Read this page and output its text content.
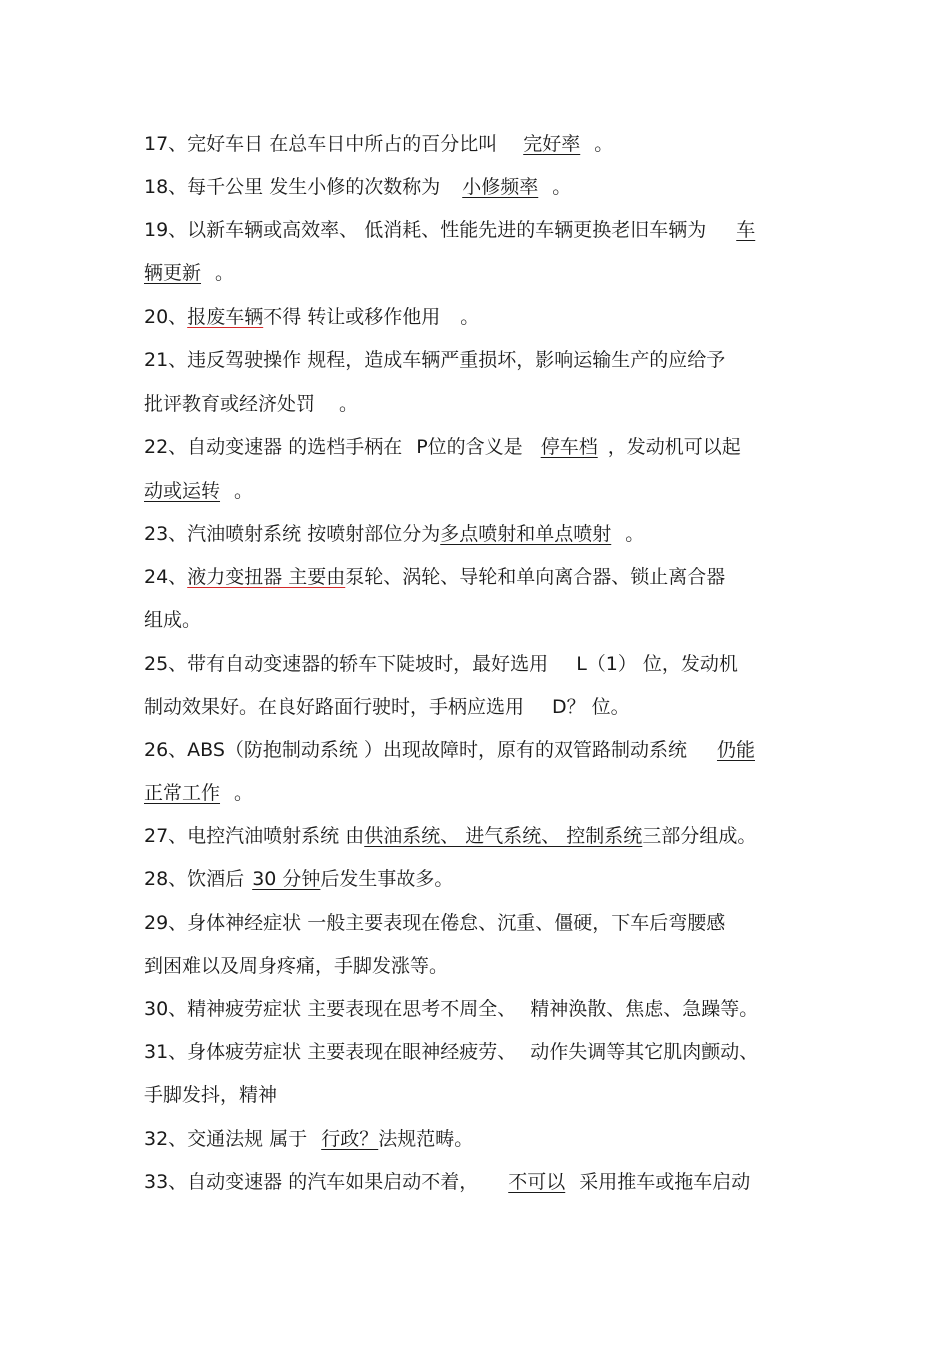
17、完好车日 在总车日中所占的百分比叫 完好率 。
18、每千公里 发生小修的次数称为 小修频率 。
19、以新车辆或高效率、 低消耗、性能先进的车辆更换老旧车辆为 车
辆更新 。
20、报废车辆不得 转让或移作他用 。
21、违反驾驶操作 规程，造成车辆严重损坏，影响运输生产的应给予
批评教育或经济处罚 。
22、自动变速器 的选档手柄在 P位的含义是 停车档 ，发动机可以起
动或运转 。
23、汽油喷射系统 按喷射部位分为多点喷射和单点喷射 。
24、液力变扭器 主要由泵轮、涡轮、导轮和单向离合器、锁止离合器
组成。
25、带有自动变速器的轿车下陡坡时，最好选用 L（1） 位，发动机
制动效果好。在良好路面行驶时，手柄应选用 D？ 位。
26、ABS（防抱制动系统 ）出现故障时，原有的双管路制动系统 仍能
正常工作 。
27、电控汽油喷射系统 由供油系统、 进气系统、 控制系统三部分组成。
28、饮酒后 30 分钟后发生事故多。
29、身体神经症状 一般主要表现在倦怠、沉重、僵硬，下车后弯腰感
到困难以及周身疼痛，手脚发涨等。
30、精神疲劳症状 主要表现在思考不周全、 精神涣散、焦虑、急躁等。
31、身体疲劳症状 主要表现在眼神经疲劳、 动作失调等其它肌肉颤动、
手脚发抖，精神
32、交通法规 属于 行政？法规范畴。
33、自动变速器 的汽车如果启动不着， 不可以 采用推车或拖车启动
